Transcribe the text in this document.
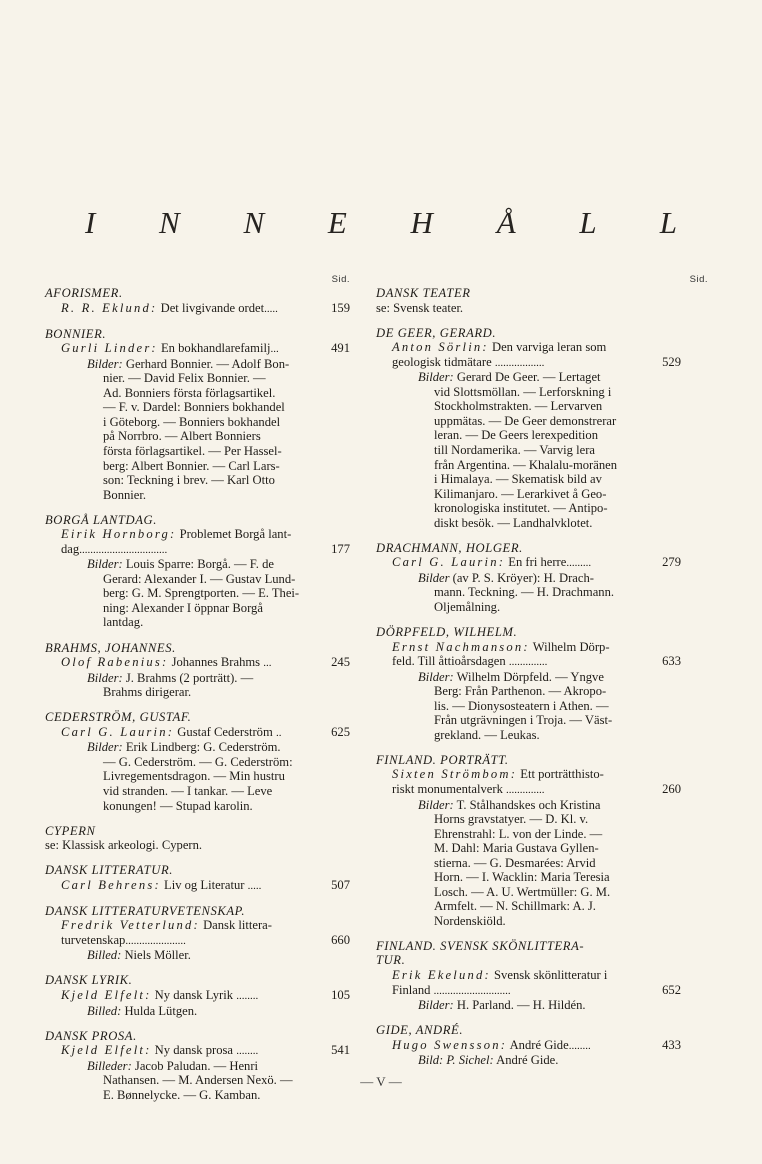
I N N E H Å L L
Sid.
AFORISMER.
R. R. Eklund: Det livgivande ordet.....	159
BONNIER.
Gurli Linder: En bokhandlarefamilj...	491
Bilder: Gerhard Bonnier. — Adolf Bon-
nier. — David Felix Bonnier. —
Ad. Bonniers första förlagsartikel.
— F. v. Dardel: Bonniers bokhandel
i Göteborg. — Bonniers bokhandel
på Norrbro. — Albert Bonniers
första förlagsartikel. — Per Hassel-
berg: Albert Bonnier. — Carl Lars-
son: Teckning i brev. — Karl Otto
Bonnier.
BORGÅ LANTDAG.
Eirik Hornborg: Problemet Borgå lant-
dag................................	177
Bilder: Louis Sparre: Borgå. — F. de
Gerard: Alexander I. — Gustav Lund-
berg: G. M. Sprengtporten. — E. Thei-
ning: Alexander I öppnar Borgå
lantdag.
BRAHMS, JOHANNES.
Olof Rabenius: Johannes Brahms ...	245
Bilder: J. Brahms (2 porträtt). —
Brahms dirigerar.
CEDERSTRÖM, GUSTAF.
Carl G. Laurin: Gustaf Cederström ..	625
Bilder: Erik Lindberg: G. Cederström.
— G. Cederström. — G. Cederström:
Livregementsdragon. — Min hustru
vid stranden. — I tankar. — Leve
konungen! — Stupad karolin.
CYPERN
se: Klassisk arkeologi. Cypern.
DANSK LITTERATUR.
Carl Behrens: Liv og Literatur .....	507
DANSK LITTERATURVETENSKAP.
Fredrik Vetterlund: Dansk littera-
turvetenskap......................	660
Billed: Niels Möller.
DANSK LYRIK.
Kjeld Elfelt: Ny dansk Lyrik ........	105
Billed: Hulda Lütgen.
DANSK PROSA.
Kjeld Elfelt: Ny dansk prosa ........	541
Billeder: Jacob Paludan. — Henri
Nathansen. — M. Andersen Nexö. —
E. Bønnelycke. — G. Kamban.
Sid.
DANSK TEATER
se: Svensk teater.
DE GEER, GERARD.
Anton Sörlin: Den varviga leran som
geologisk tidmätare ..................	529
Bilder: Gerard De Geer. — Lertaget
vid Slottsmöllan. — Lerforskning i
Stockholmstrakten. — Lervarven
uppmätas. — De Geer demonstrerar
leran. — De Geers lerexpedition
till Nordamerika. — Varvig lera
från Argentina. — Khalalu-moränen
i Himalaya. — Skematisk bild av
Kilimanjaro. — Lerarkivet å Geo-
kronologiska institutet. — Antipo-
diskt besök. — Landhalvklotet.
DRACHMANN, HOLGER.
Carl G. Laurin: En fri herre.........	279
Bilder (av P. S. Kröyer): H. Drach-
mann. Teckning. — H. Drachmann.
Oljemålning.
DÖRPFELD, WILHELM.
Ernst Nachmanson: Wilhelm Dörp-
feld. Till åttioårsdagen ..............	633
Bilder: Wilhelm Dörpfeld. — Yngve
Berg: Från Parthenon. — Akropo-
lis. — Dionysosteatern i Athen. —
Från utgrävningen i Troja. — Väst-
grekland. — Leukas.
FINLAND. PORTRÄTT.
Sixten Strömbom: Ett porträtthisto-
riskt monumentalverk ..............	260
Bilder: T. Stålhandskes och Kristina
Horns gravstatyer. — D. Kl. v.
Ehrenstrahl: L. von der Linde. —
M. Dahl: Maria Gustava Gyllen-
stierna. — G. Desmarées: Arvid
Horn. — I. Wacklin: Maria Teresia
Losch. — A. U. Wertmüller: G. M.
Armfelt. — N. Schillmark: A. J.
Nordenskiöld.
FINLAND. SVENSK SKÖNLITTERA-
TUR.
Erik Ekelund: Svensk skönlitteratur i
Finland ............................	652
Bilder: H. Parland. — H. Hildén.
GIDE, ANDRÉ.
Hugo Swensson: André Gide........	433
Bild: P. Sichel: André Gide.
— V —
